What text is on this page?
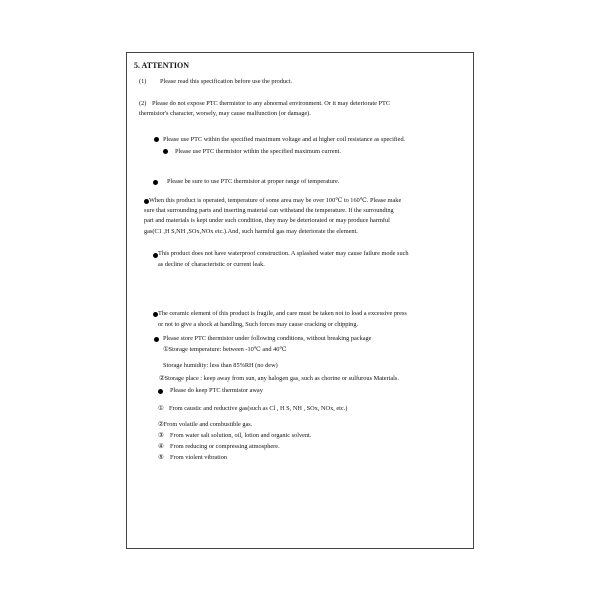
5. ATTENTION
(1) Please read this specification before use the product.
(2) Please do not expose PTC thermistor to any abnormal environment. Or it may deteriorate PTC
thermistor's character, worsely, may cause malfunction (or damage).
Please use PTC within the specified maximum voltage and at higher coil resistance as specified.
Please use PTC thermistor within the specified maximum current.
Please be sure to use PTC thermistor at proper range of temperature.
When this product is operated, temperature of some area may be over 100℃ to 160℃. Please make
sure that surrounding parts and inserting material can withstand the temperature. If the surrounding
part and materials is kept under such condition, they may be deteriorated or may produce harmful
gas(C1 ,H S,NH ,SOx,NOx etc.).And, such harmful gas may deteriorate the element.
This product does not have waterproof construction. A splashed water may cause failure mode such
as decline of characteristic or current leak.
The ceramic element of this product is fragile, and care must be taken not to load a excessive press
or not to give a shock at handling, Such forces may cause cracking or chipping.
Please store PTC thermistor under following conditions, without breaking package
①Storage temperature: between -10℃ and 40℃
Storage humidity: less than 85%RH (no dew)
②Storage place : keep away from sun, any halogen gas, such as chorine or sulfurous Materials.
Please do keep PTC thermistor away
① From caustic and reductive gas(such as Cl , H S, NH , SOx, NOx, etc.)
②From volatile and combustible gas.
③ From water salt solution, oil, lotion and organic solvent.
④ From reducing or compressing atmosphere.
⑤ From violent vibration
